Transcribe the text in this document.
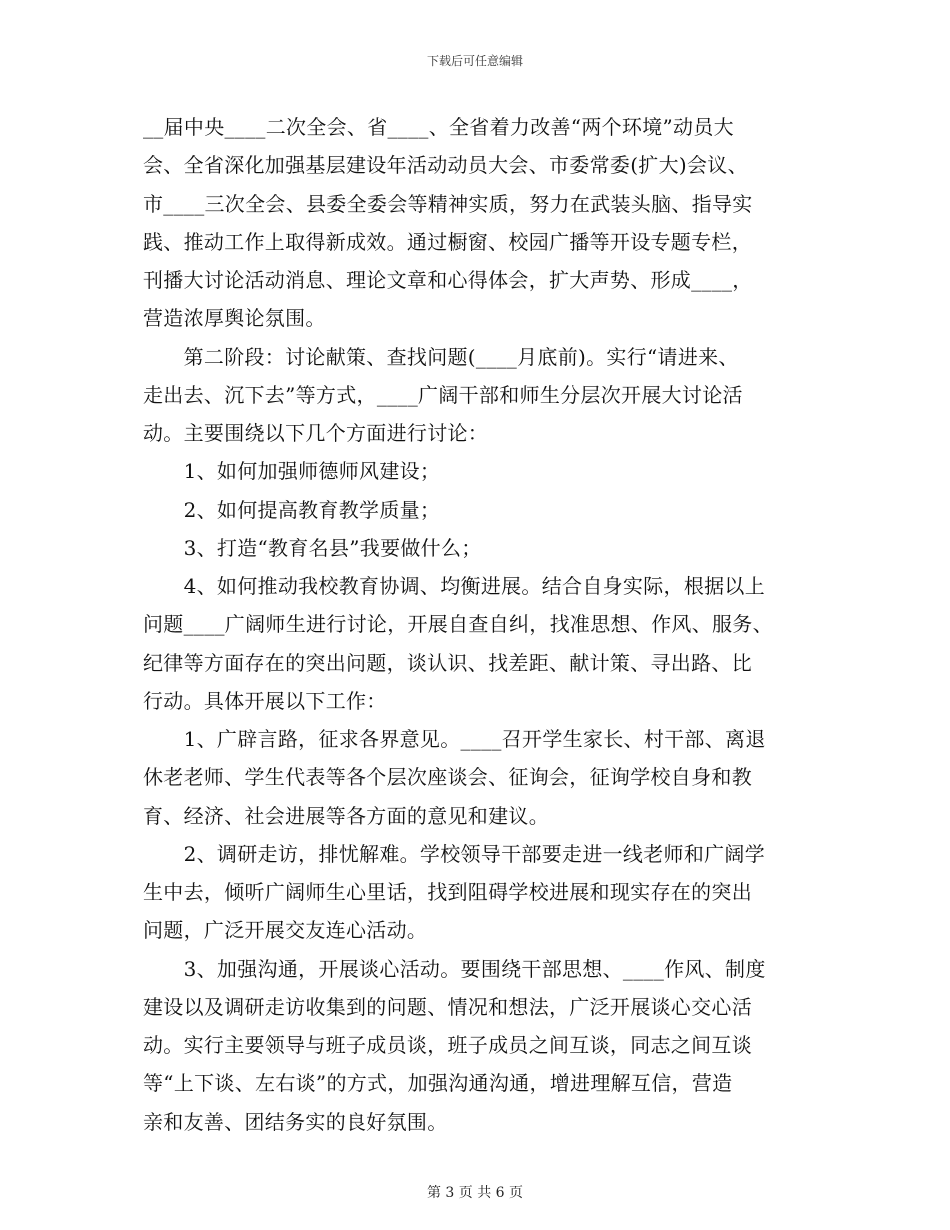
下载后可任意编辑
__届中央____二次全会、省____、全省着力改善“两个环境”动员大
会、全省深化加强基层建设年活动动员大会、市委常委(扩大)会议、
市____三次全会、县委全委会等精神实质，努力在武装头脑、指导实
践、推动工作上取得新成效。通过橱窗、校园广播等开设专题专栏，
刊播大讨论活动消息、理论文章和心得体会，扩大声势、形成____，
营造浓厚舆论氛围。
　　第二阶段：讨论献策、查找问题(____月底前)。实行“请进来、
走出去、沉下去”等方式，____广阔干部和师生分层次开展大讨论活
动。主要围绕以下几个方面进行讨论：
　　1、如何加强师德师风建设；
　　2、如何提高教育教学质量；
　　3、打造“教育名县”我要做什么；
　　4、如何推动我校教育协调、均衡进展。结合自身实际，根据以上
问题____广阔师生进行讨论，开展自查自纠，找准思想、作风、服务、
纪律等方面存在的突出问题，谈认识、找差距、献计策、寻出路、比
行动。具体开展以下工作：
　　1、广辟言路，征求各界意见。____召开学生家长、村干部、离退
休老老师、学生代表等各个层次座谈会、征询会，征询学校自身和教
育、经济、社会进展等各方面的意见和建议。
　　2、调研走访，排忧解难。学校领导干部要走进一线老师和广阔学
生中去，倾听广阔师生心里话，找到阻碍学校进展和现实存在的突出
问题，广泛开展交友连心活动。
　　3、加强沟通，开展谈心活动。要围绕干部思想、____作风、制度
建设以及调研走访收集到的问题、情况和想法，广泛开展谈心交心活
动。实行主要领导与班子成员谈，班子成员之间互谈，同志之间互谈
等“上下谈、左右谈”的方式，加强沟通沟通，增进理解互信，营造
亲和友善、团结务实的良好氛围。
第 3 页 共 6 页
